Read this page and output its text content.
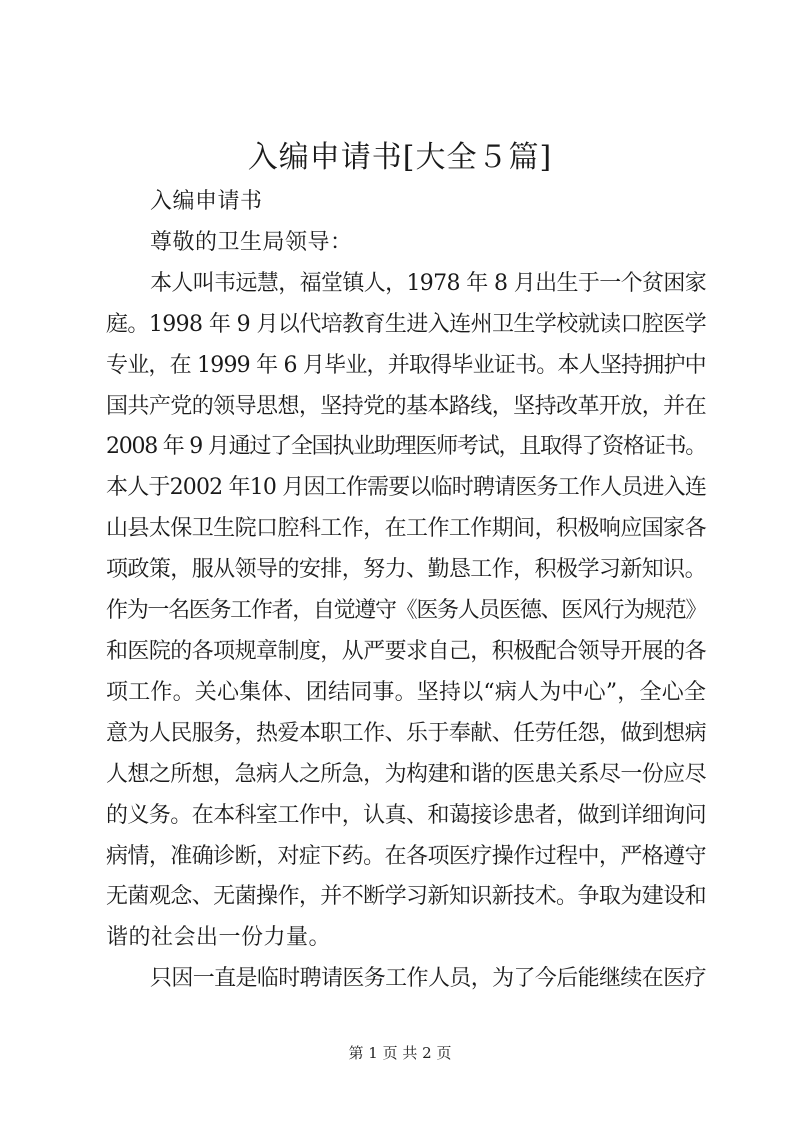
入编申请书[大全５篇]
入编申请书
尊敬的卫生局领导：
本人叫韦远慧，福堂镇人，1978 年 8 月出生于一个贫困家
庭。1998 年 9 月以代培教育生进入连州卫生学校就读口腔医学
专业，在 1999 年 6 月毕业，并取得毕业证书。本人坚持拥护中
国共产党的领导思想，坚持党的基本路线，坚持改革开放，并在
2008 年 9 月通过了全国执业助理医师考试，且取得了资格证书。
本人于2002 年10 月因工作需要以临时聘请医务工作人员进入连
山县太保卫生院口腔科工作，在工作工作期间，积极响应国家各
项政策，服从领导的安排，努力、勤恳工作，积极学习新知识。
作为一名医务工作者，自觉遵守《医务人员医德、医风行为规范》
和医院的各项规章制度，从严要求自己，积极配合领导开展的各
项工作。关心集体、团结同事。坚持以“病人为中心”，全心全
意为人民服务，热爱本职工作、乐于奉献、任劳任怨，做到想病
人想之所想，急病人之所急，为构建和谐的医患关系尽一份应尽
的义务。在本科室工作中，认真、和蔼接诊患者，做到详细询问
病情，准确诊断，对症下药。在各项医疗操作过程中，严格遵守
无菌观念、无菌操作，并不断学习新知识新技术。争取为建设和
谐的社会出一份力量。
只因一直是临时聘请医务工作人员，为了今后能继续在医疗
第 1 页 共 2 页
